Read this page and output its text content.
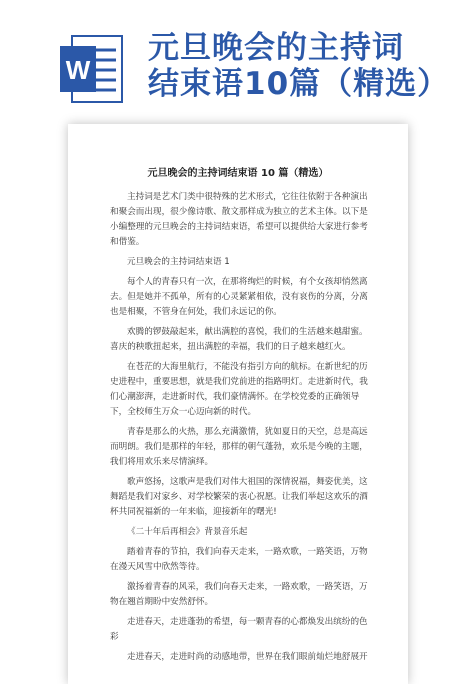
W
元旦晚会的主持词
结束语10篇（精选）
元旦晚会的主持词结束语 10 篇（精选）

主持词是艺术门类中很特殊的艺术形式，它往往依附于各种演出和聚会而出现，很少像诗歌、散文那样成为独立的艺术主体。以下是小编整理的元旦晚会的主持词结束语，希望可以提供给大家进行参考和借鉴。

元旦晚会的主持词结束语 1

每个人的青春只有一次，在那将绚烂的时候，有个女孩却悄然离去。但是她并不孤单，所有的心灵紧紧相依，没有哀伤的分离，分离也是相聚，不管身在何处，我们永远记的你。

欢腾的锣鼓敲起来，献出满腔的喜悦，我们的生活越来越甜蜜。喜庆的秧歌扭起来，扭出满腔的幸福，我们的日子越来越红火。

在苍茫的大海里航行，不能没有指引方向的航标。在新世纪的历史进程中，重要思想，就是我们党前进的指路明灯。走进新时代，我们心潮澎湃，走进新时代，我们豪情满怀。在学校党委的正确领导下，全校师生万众一心迈向新的时代。

青春是那么的火热，那么充满激情，犹如夏日的天空，总是高远而明朗。我们是那样的年轻，那样的朝气蓬勃，欢乐是今晚的主题，我们将用欢乐来尽情演绎。

歌声悠扬，这歌声是我们对伟大祖国的深情祝福，舞姿优美，这舞蹈是我们对家乡、对学校繁荣的衷心祝愿。让我们举起这欢乐的酒杯共同祝福新的一年来临，迎接新年的曙光!

《二十年后再相会》背景音乐起

踏着青春的节拍，我们向春天走来，一路欢歌，一路笑语，万物在漫天风雪中欣然等待。

激扬着青春的风采，我们向春天走来，一路欢歌，一路笑语，万物在翘首期盼中安然舒怀。

走进春天，走进蓬勃的希望，每一颗青春的心都焕发出缤纷的色彩

走进春天，走进时尚的动感地带，世界在我们眼前灿烂地舒展开
